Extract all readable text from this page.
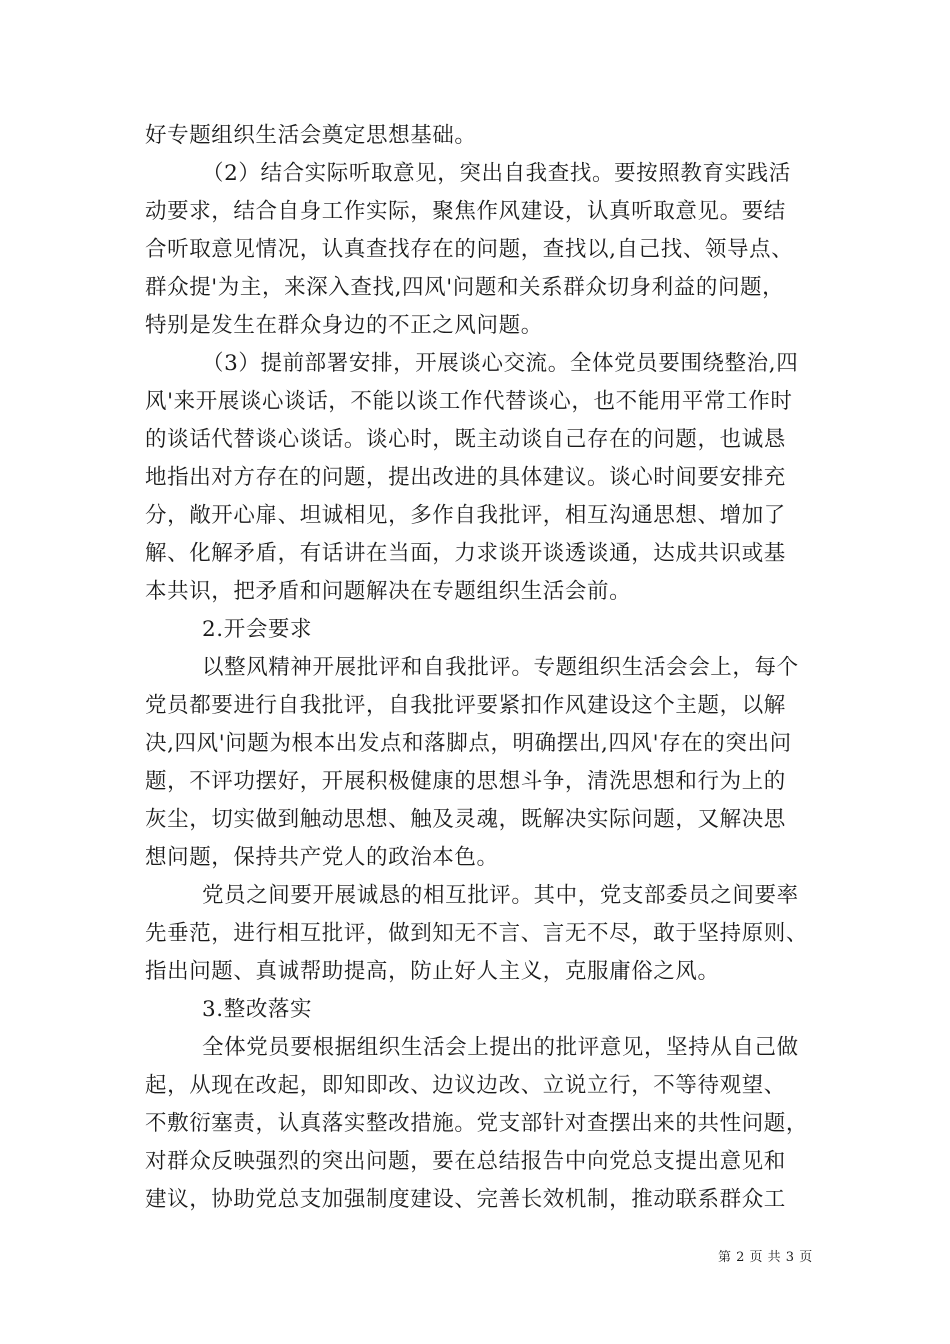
好专题组织生活会奠定思想基础。
（2）结合实际听取意见，突出自我查找。要按照教育实践活
动要求，结合自身工作实际，聚焦作风建设，认真听取意见。要结
合听取意见情况，认真查找存在的问题，查找以,自己找、领导点、
群众提'为主，来深入查找,四风'问题和关系群众切身利益的问题，
特别是发生在群众身边的不正之风问题。
（3）提前部署安排，开展谈心交流。全体党员要围绕整治,四
风'来开展谈心谈话，不能以谈工作代替谈心，也不能用平常工作时
的谈话代替谈心谈话。谈心时，既主动谈自己存在的问题，也诚恳
地指出对方存在的问题，提出改进的具体建议。谈心时间要安排充
分，敞开心扉、坦诚相见，多作自我批评，相互沟通思想、增加了
解、化解矛盾，有话讲在当面，力求谈开谈透谈通，达成共识或基
本共识，把矛盾和问题解决在专题组织生活会前。
2.开会要求
以整风精神开展批评和自我批评。专题组织生活会会上，每个
党员都要进行自我批评，自我批评要紧扣作风建设这个主题，以解
决,四风'问题为根本出发点和落脚点，明确摆出,四风'存在的突出问
题，不评功摆好，开展积极健康的思想斗争，清洗思想和行为上的
灰尘，切实做到触动思想、触及灵魂，既解决实际问题，又解决思
想问题，保持共产党人的政治本色。
党员之间要开展诚恳的相互批评。其中，党支部委员之间要率
先垂范，进行相互批评，做到知无不言、言无不尽，敢于坚持原则、
指出问题、真诚帮助提高，防止好人主义，克服庸俗之风。
3.整改落实
全体党员要根据组织生活会上提出的批评意见，坚持从自己做
起，从现在改起，即知即改、边议边改、立说立行，不等待观望、
不敷衍塞责，认真落实整改措施。党支部针对查摆出来的共性问题，
对群众反映强烈的突出问题，要在总结报告中向党总支提出意见和
建议，协助党总支加强制度建设、完善长效机制，推动联系群众工
第 2 页 共 3 页
